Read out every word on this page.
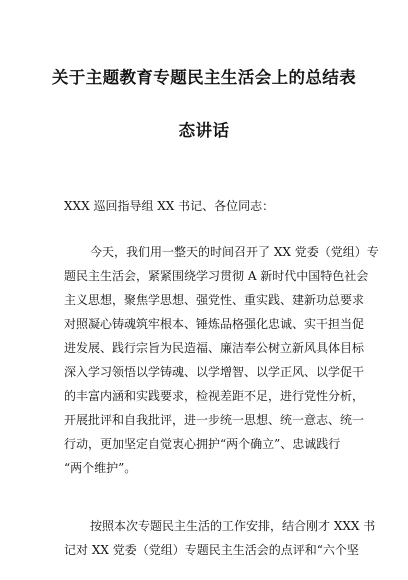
关于主题教育专题民主生活会上的总结表
态讲话
XXX 巡回指导组 XX 书记、各位同志：
今天，我们用一整天的时间召开了 XX 党委（党组）专
题民主生活会，紧紧围绕学习贯彻 A 新时代中国特色社会
主义思想，聚焦学思想、强党性、重实践、建新功总要求
对照凝心铸魂筑牢根本、锤炼品格强化忠诚、实干担当促
进发展、践行宗旨为民造福、廉洁奉公树立新风具体目标
深入学习领悟以学铸魂、以学增智、以学正风、以学促干
的丰富内涵和实践要求，检视差距不足，进行党性分析，
开展批评和自我批评，进一步统一思想、统一意志、统一
行动，更加坚定自觉衷心拥护“两个确立”、忠诚践行
“两个维护”。
按照本次专题民主生活的工作安排，结合刚才 XXX 书
记对 XX 党委（党组）专题民主生活会的点评和“六个坚
